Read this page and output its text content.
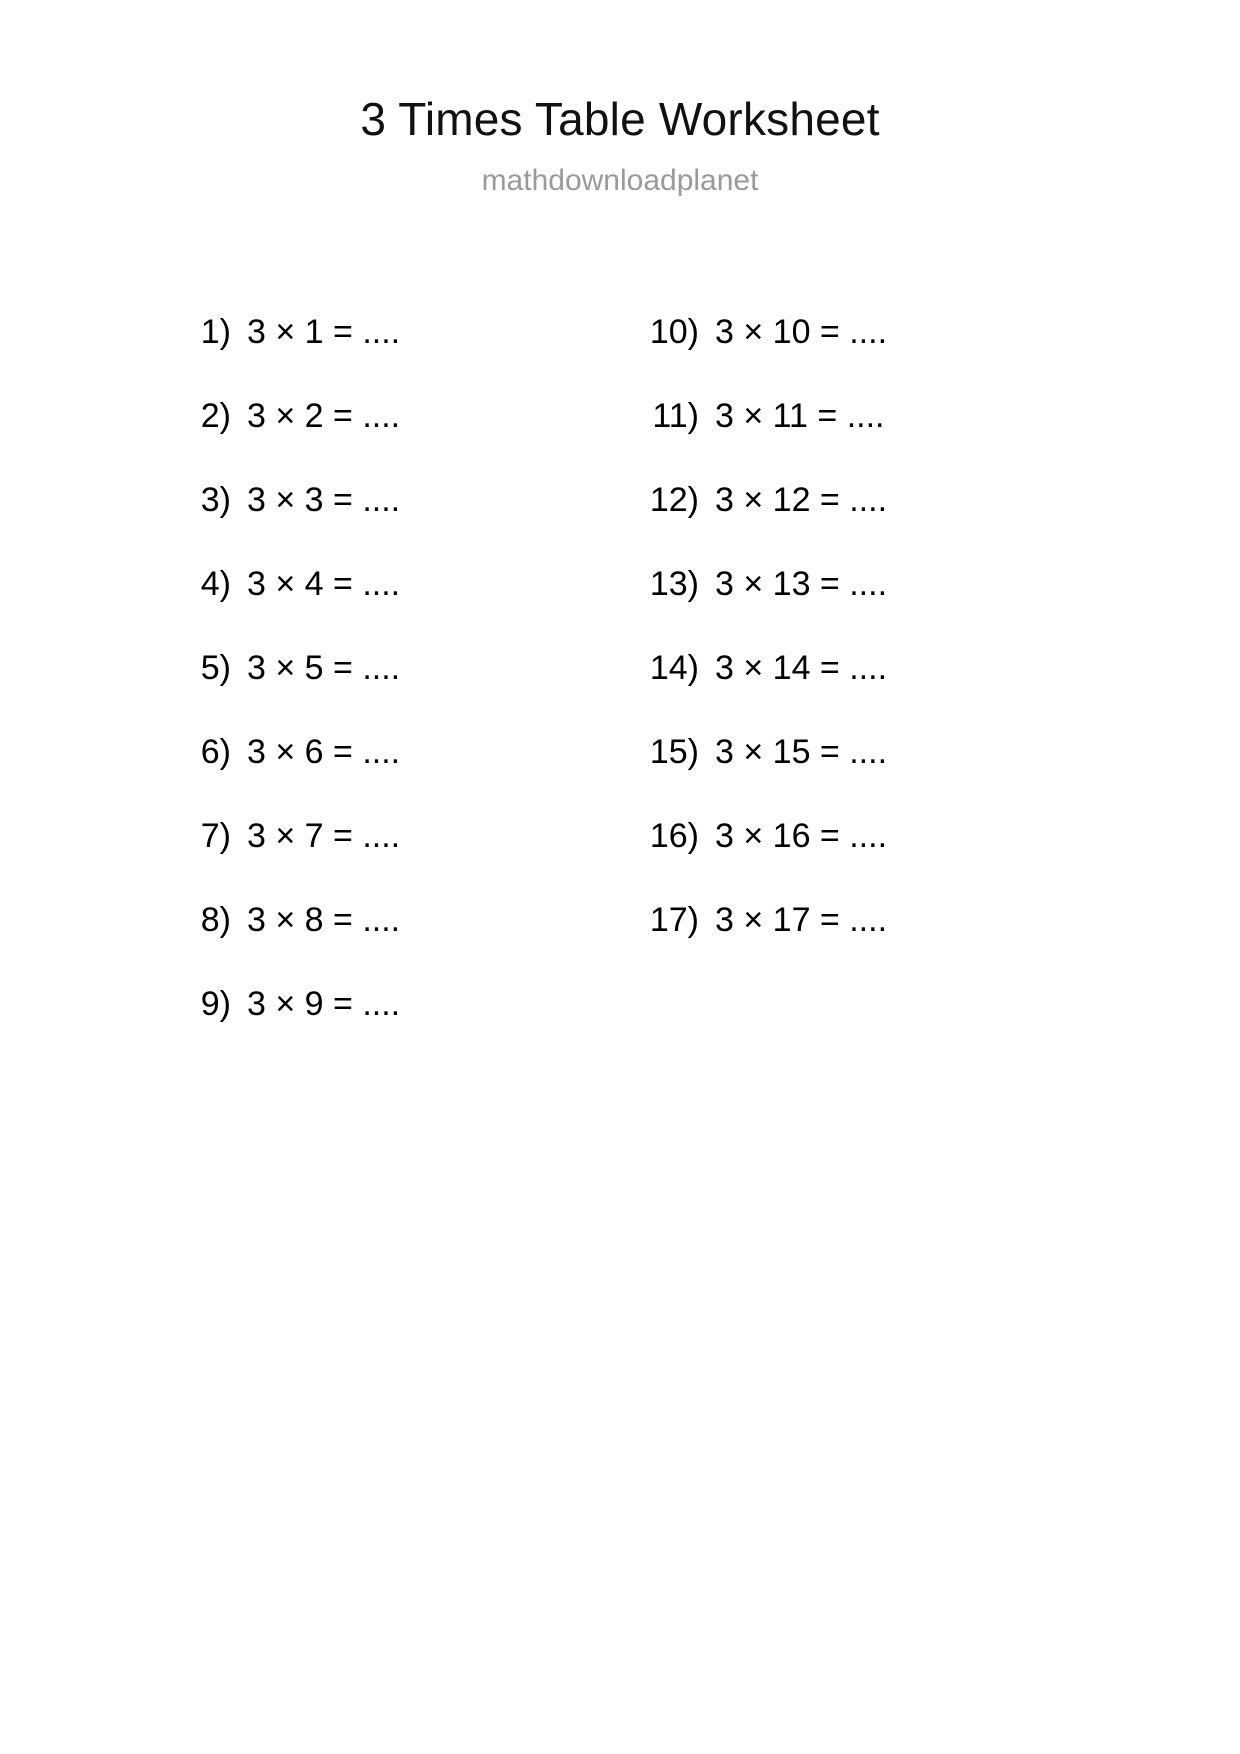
3 Times Table Worksheet
mathdownloadplanet
1) 3 × 1 = ....
2) 3 × 2 = ....
3) 3 × 3 = ....
4) 3 × 4 = ....
5) 3 × 5 = ....
6) 3 × 6 = ....
7) 3 × 7 = ....
8) 3 × 8 = ....
9) 3 × 9 = ....
10) 3 × 10 = ....
11) 3 × 11 = ....
12) 3 × 12 = ....
13) 3 × 13 = ....
14) 3 × 14 = ....
15) 3 × 15 = ....
16) 3 × 16 = ....
17) 3 × 17 = ....
